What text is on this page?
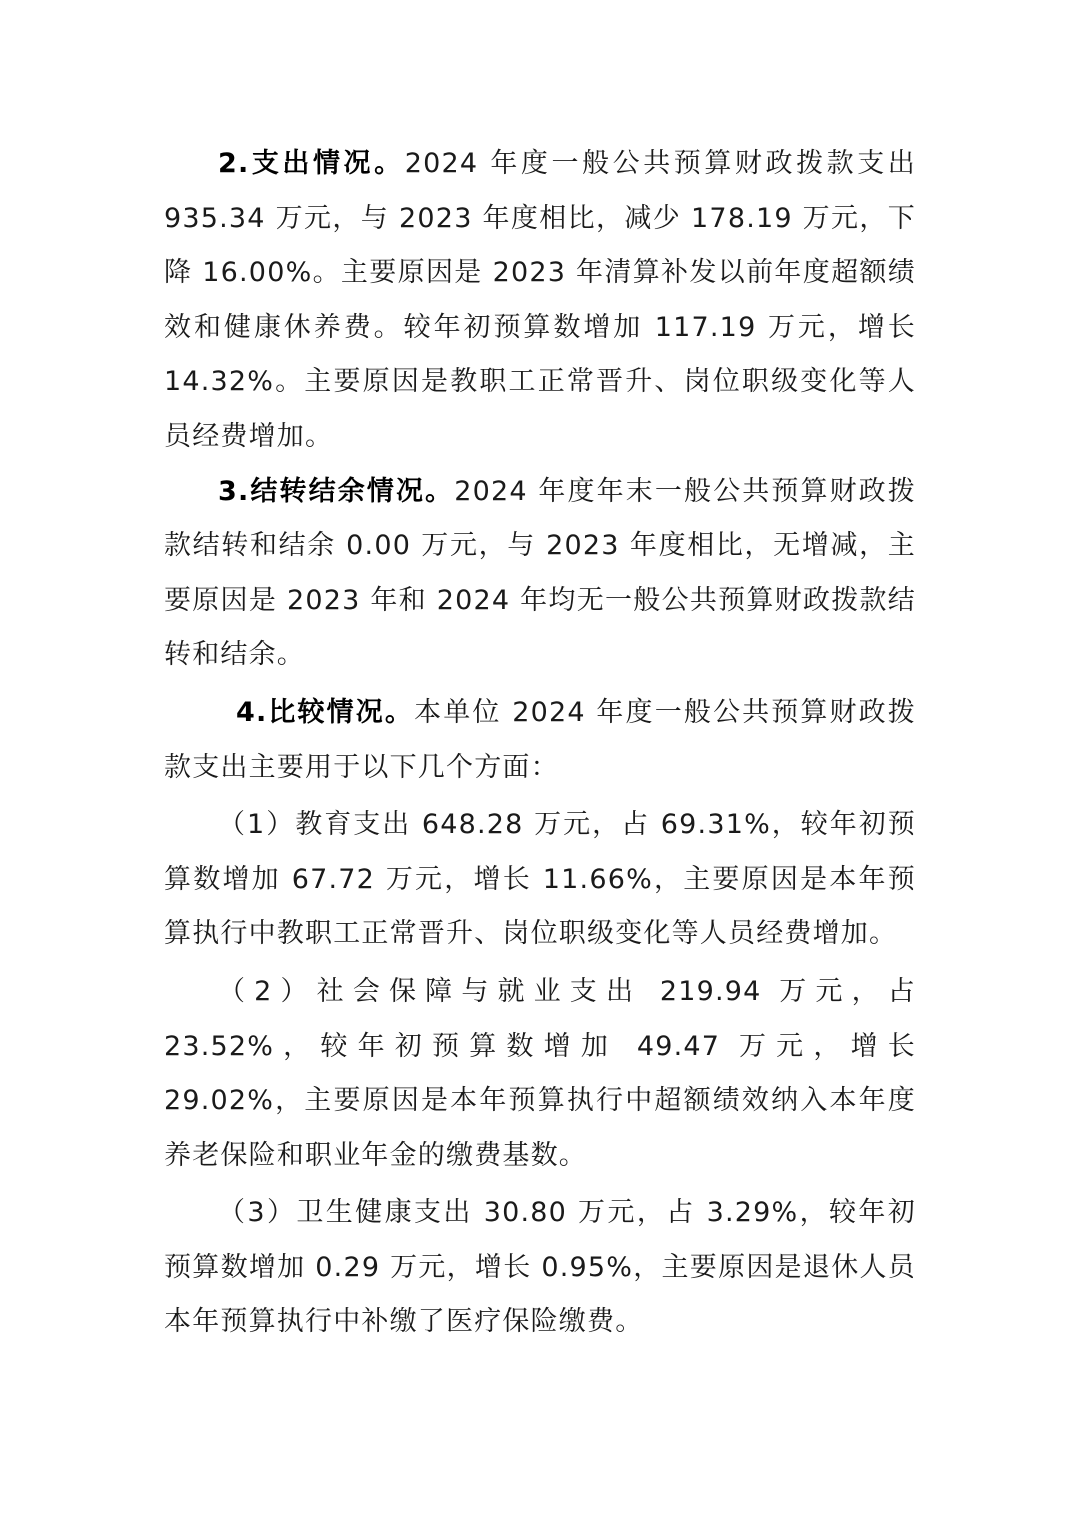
2.支出情况。2024 年度一般公共预算财政拨款支出 935.34 万元，与 2023 年度相比，减少 178.19 万元，下降 16.00%。主要原因是 2023 年清算补发以前年度超额绩效和健康休养费。较年初预算数增加 117.19 万元，增长 14.32%。主要原因是教职工正常晋升、岗位职级变化等人员经费增加。

3.结转结余情况。2024 年度年末一般公共预算财政拨款结转和结余 0.00 万元，与 2023 年度相比，无增减，主要原因是 2023 年和 2024 年均无一般公共预算财政拨款结转和结余。

4.比较情况。本单位 2024 年度一般公共预算财政拨款支出主要用于以下几个方面：

（1）教育支出 648.28 万元，占 69.31%，较年初预算数增加 67.72 万元，增长 11.66%，主要原因是本年预算执行中教职工正常晋升、岗位职级变化等人员经费增加。

（2）社会保障与就业支出 219.94 万元，占 23.52%，较年初预算数增加 49.47 万元，增长 29.02%，主要原因是本年预算执行中超额绩效纳入本年度养老保险和职业年金的缴费基数。

（3）卫生健康支出 30.80 万元，占 3.29%，较年初预算数增加 0.29 万元，增长 0.95%，主要原因是退休人员本年预算执行中补缴了医疗保险缴费。
